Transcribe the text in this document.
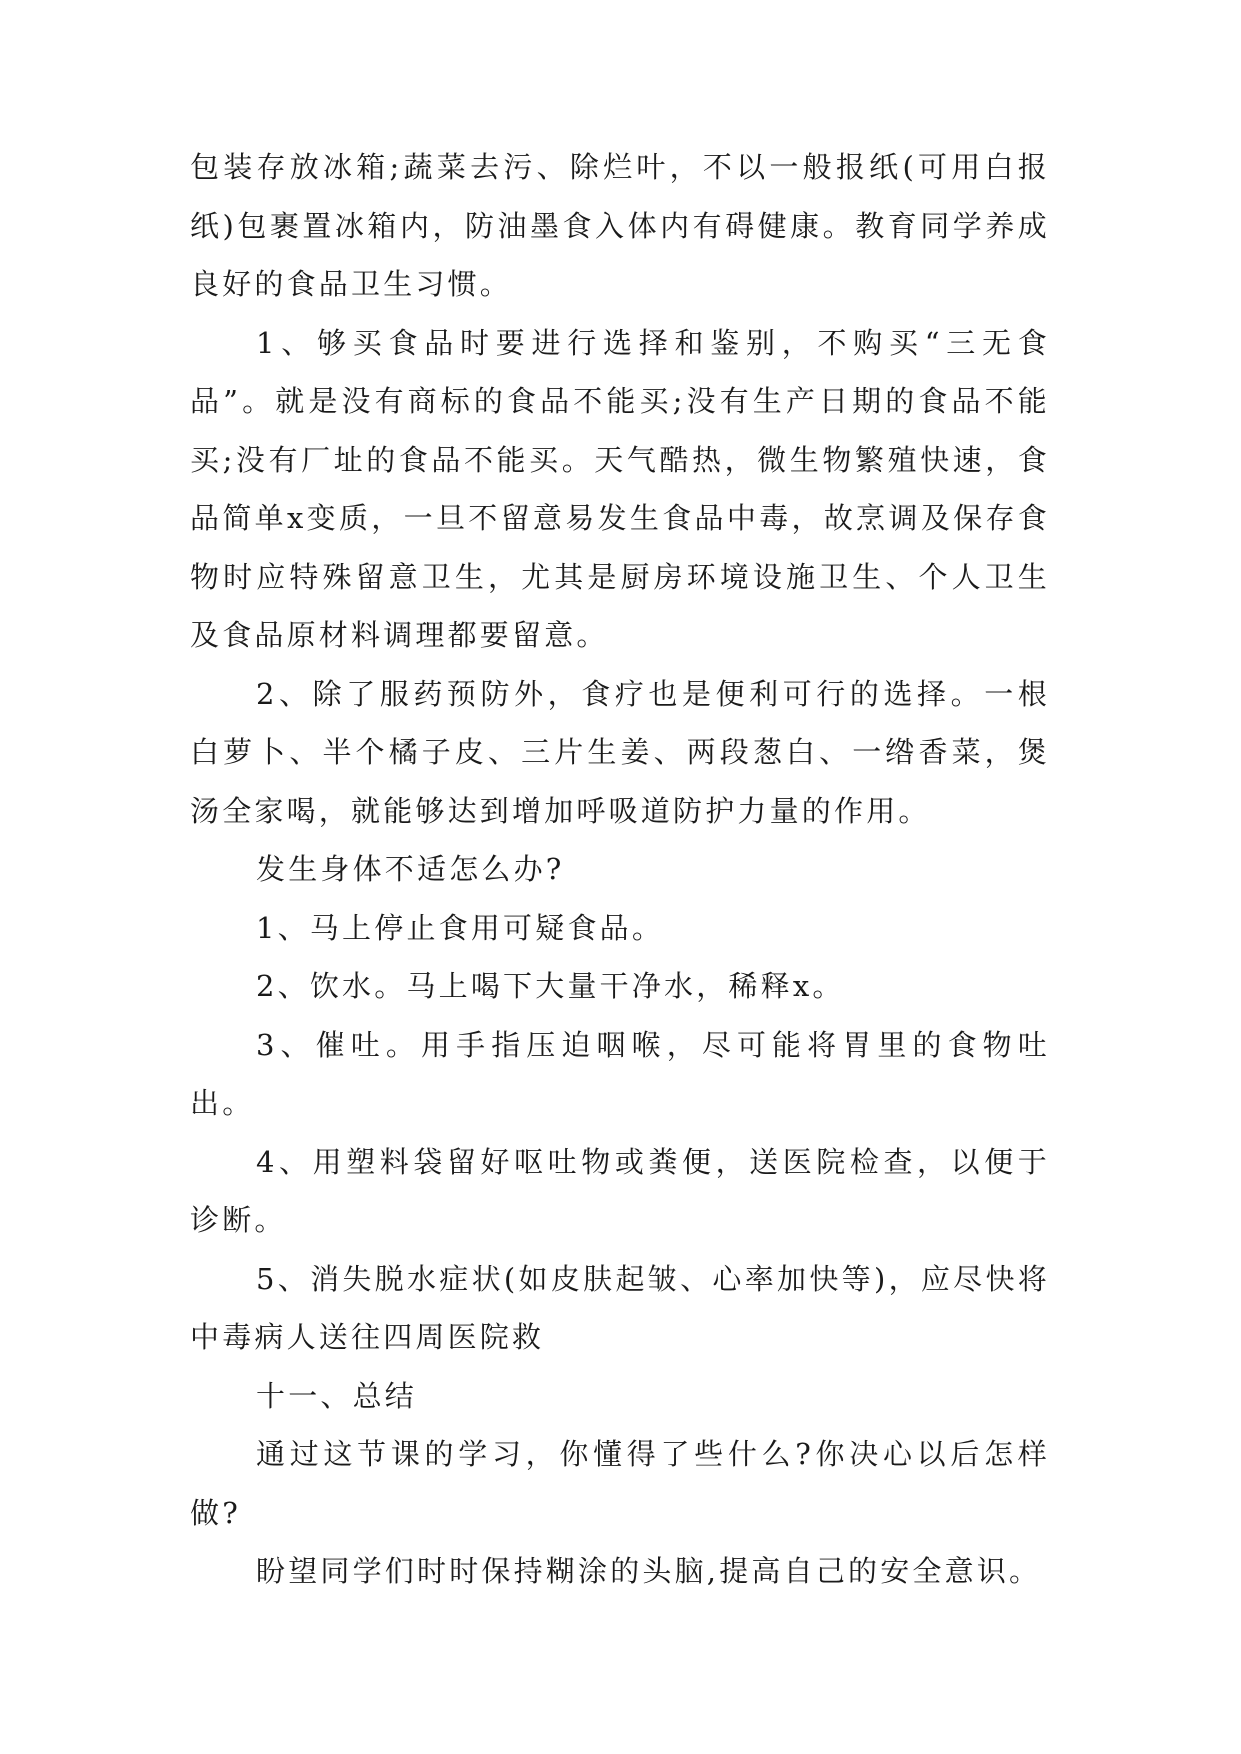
包装存放冰箱;蔬菜去污、除烂叶，不以一般报纸(可用白报纸)包裹置冰箱内，防油墨食入体内有碍健康。教育同学养成良好的食品卫生习惯。

1、够买食品时要进行选择和鉴别，不购买“三无食品”。就是没有商标的食品不能买;没有生产日期的食品不能买;没有厂址的食品不能买。天气酷热，微生物繁殖快速，食品简单x变质，一旦不留意易发生食品中毒，故烹调及保存食物时应特殊留意卫生，尤其是厨房环境设施卫生、个人卫生及食品原材料调理都要留意。

2、除了服药预防外，食疗也是便利可行的选择。一根白萝卜、半个橘子皮、三片生姜、两段葱白、一绺香菜，煲汤全家喝，就能够达到增加呼吸道防护力量的作用。

发生身体不适怎么办?

1、马上停止食用可疑食品。

2、饮水。马上喝下大量干净水，稀释x。

3、催吐。用手指压迫咽喉，尽可能将胃里的食物吐出。

4、用塑料袋留好呕吐物或粪便，送医院检查，以便于诊断。

5、消失脱水症状(如皮肤起皱、心率加快等)，应尽快将中毒病人送往四周医院救

十一、总结

通过这节课的学习，你懂得了些什么?你决心以后怎样做?

盼望同学们时时保持糊涂的头脑,提高自己的安全意识。
